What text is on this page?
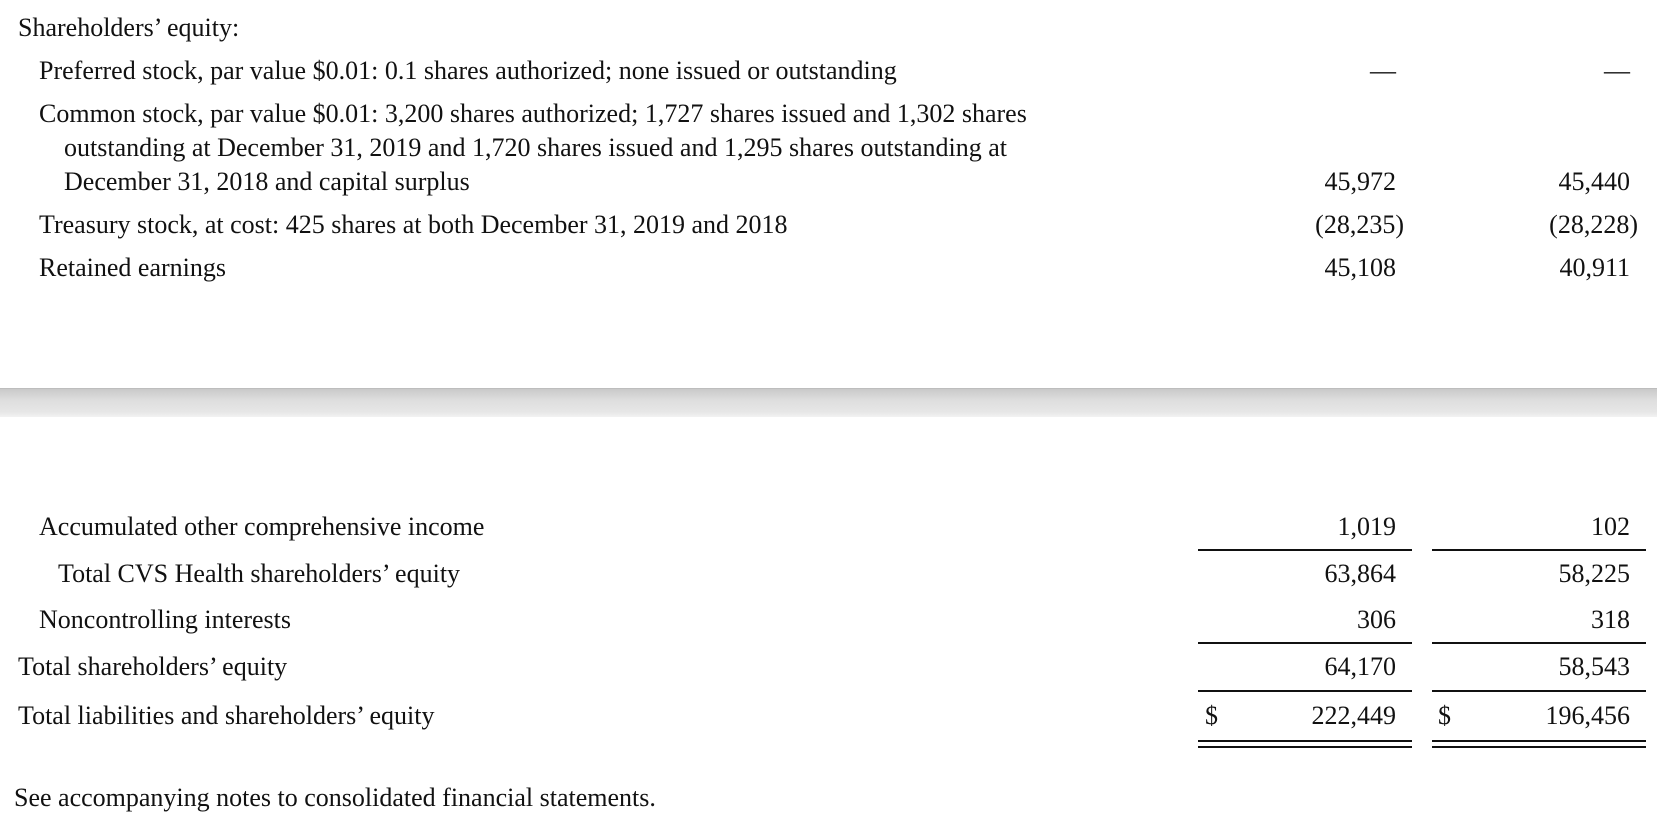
Shareholders’ equity:
Preferred stock, par value $0.01: 0.1 shares authorized; none issued or outstanding	—	—
Common stock, par value $0.01: 3,200 shares authorized; 1,727 shares issued and 1,302 shares
outstanding at December 31, 2019 and 1,720 shares issued and 1,295 shares outstanding at
December 31, 2018 and capital surplus	45,972	45,440
Treasury stock, at cost: 425 shares at both December 31, 2019 and 2018	(28,235)	(28,228)
Retained earnings	45,108	40,911
Accumulated other comprehensive income	1,019	102
Total CVS Health shareholders’ equity	63,864	58,225
Noncontrolling interests	306	318
Total shareholders’ equity	64,170	58,543
Total liabilities and shareholders’ equity	$	222,449 $	196,456
See accompanying notes to consolidated financial statements.
